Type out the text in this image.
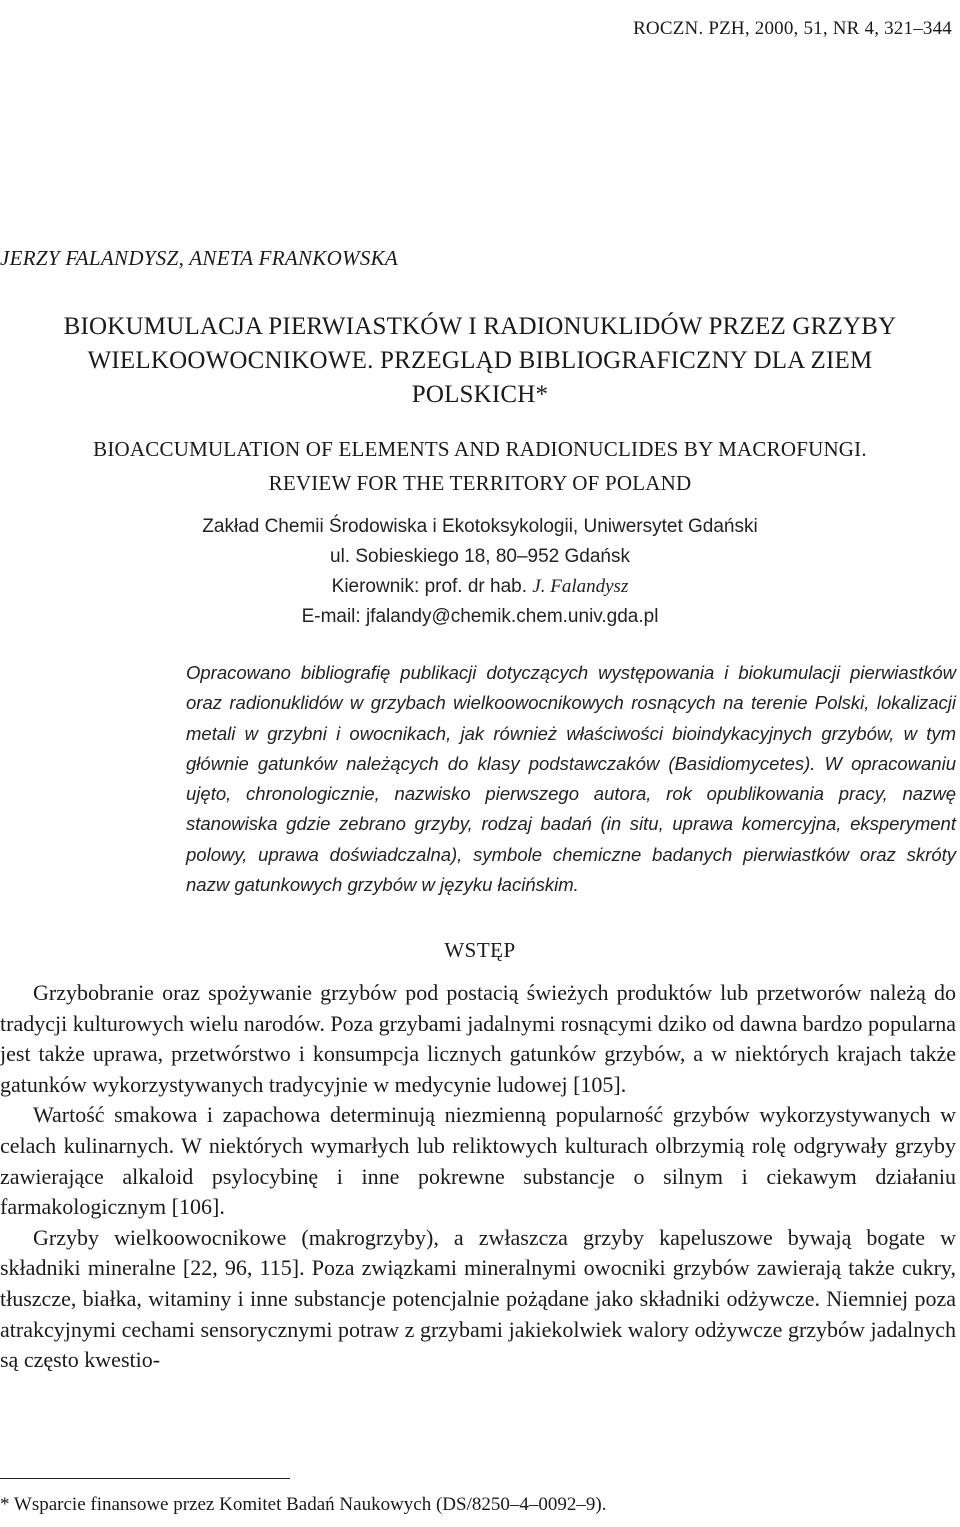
ROCZN. PZH, 2000, 51, NR 4, 321–344
JERZY FALANDYSZ, ANETA FRANKOWSKA
BIOKUMULACJA PIERWIASTKÓW I RADIONUKLIDÓW PRZEZ GRZYBY
WIELKOOWOCNIKOWE. PRZEGLĄD BIBLIOGRAFICZNY DLA ZIEM
POLSKICH*
BIOACCUMULATION OF ELEMENTS AND RADIONUCLIDES BY MACROFUNGI.
REVIEW FOR THE TERRITORY OF POLAND
Zakład Chemii Środowiska i Ekotoksykologii, Uniwersytet Gdański
ul. Sobieskiego 18, 80–952 Gdańsk
Kierownik: prof. dr hab. J. Falandysz
E-mail: jfalandy@chemik.chem.univ.gda.pl
Opracowano bibliografię publikacji dotyczących występowania i biokumulacji pierwiastków oraz radionuklidów w grzybach wielkoowocnikowych rosnących na terenie Polski, lokalizacji metali w grzybni i owocnikach, jak również właściwości bioindykacyjnych grzybów, w tym głównie gatunków należących do klasy podstawczaków (Basidiomycetes). W opracowaniu ujęto, chronologicznie, nazwisko pierwszego autora, rok opublikowania pracy, nazwę stanowiska gdzie zebrano grzyby, rodzaj badań (in situ, uprawa komercyjna, eksperyment polowy, uprawa doświadczalna), symbole chemiczne badanych pierwiastków oraz skróty nazw gatunkowych grzybów w języku łacińskim.
WSTĘP

Grzybobranie oraz spożywanie grzybów pod postacią świeżych produktów lub przetworów należą do tradycji kulturowych wielu narodów. Poza grzybami jadalnymi rosnącymi dziko od dawna bardzo popularna jest także uprawa, przetwórstwo i konsumpcja licznych gatunków grzybów, a w niektórych krajach także gatunków wykorzystywanych tradycyjnie w medycynie ludowej [105].

Wartość smakowa i zapachowa determinują niezmienną popularność grzybów wykorzystywanych w celach kulinarnych. W niektórych wymarłych lub reliktowych kulturach olbrzymią rolę odgrywały grzyby zawierające alkaloid psylocybinę i inne pokrewne substancje o silnym i ciekawym działaniu farmakologicznym [106].

Grzyby wielkoowocnikowe (makrogrzyby), a zwłaszcza grzyby kapeluszowe bywają bogate w składniki mineralne [22, 96, 115]. Poza związkami mineralnymi owocniki grzybów zawierają także cukry, tłuszcze, białka, witaminy i inne substancje potencjalnie pożądane jako składniki odżywcze. Niemniej poza atrakcyjnymi cechami sensorycznymi potraw z grzybami jakiekolwiek walory odżywcze grzybów jadalnych są często kwestio-

* Wsparcie finansowe przez Komitet Badań Naukowych (DS/8250–4–0092–9).
